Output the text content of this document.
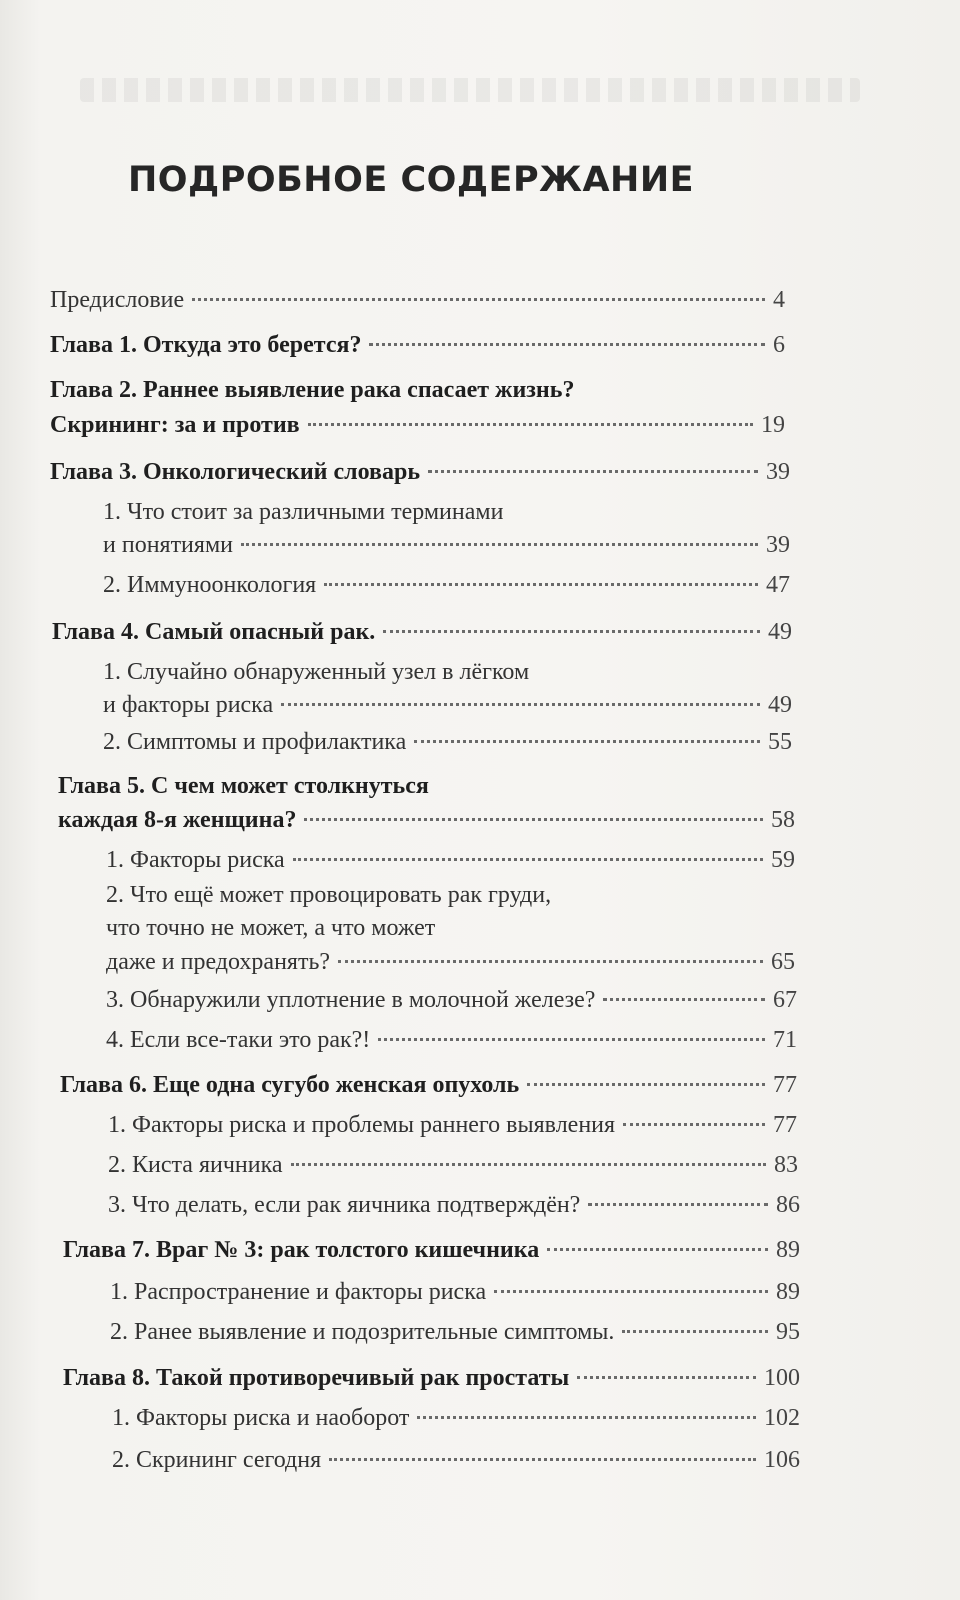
ПОДРОБНОЕ СОДЕРЖАНИЕ
Предисловие	4
Глава 1. Откуда это берется?	6
Глава 2. Раннее выявление рака спасает жизнь?
Скрининг: за и против	19
Глава 3. Онкологический словарь	39
1. Что стоит за различными терминами
и понятиями	39
2. Иммуноонкология	47
Глава 4. Самый опасный рак.	49
1. Случайно обнаруженный узел в лёгком
и факторы риска	49
2. Симптомы и профилактика	55
Глава 5. С чем может столкнуться
каждая 8-я женщина?	58
1. Факторы риска	59
2. Что ещё может провоцировать рак груди,
что точно не может, а что может
даже и предохранять?	65
3. Обнаружили уплотнение в молочной железе?	67
4. Если все-таки это рак?!	71
Глава 6. Еще одна сугубо женская опухоль	77
1. Факторы риска и проблемы раннего выявления	77
2. Киста яичника	83
3. Что делать, если рак яичника подтверждён?	86
Глава 7. Враг № 3: рак толстого кишечника	89
1. Распространение и факторы риска	89
2. Ранее выявление и подозрительные симптомы.	95
Глава 8. Такой противоречивый рак простаты	100
1. Факторы риска и наоборот	102
2. Скрининг сегодня	106
